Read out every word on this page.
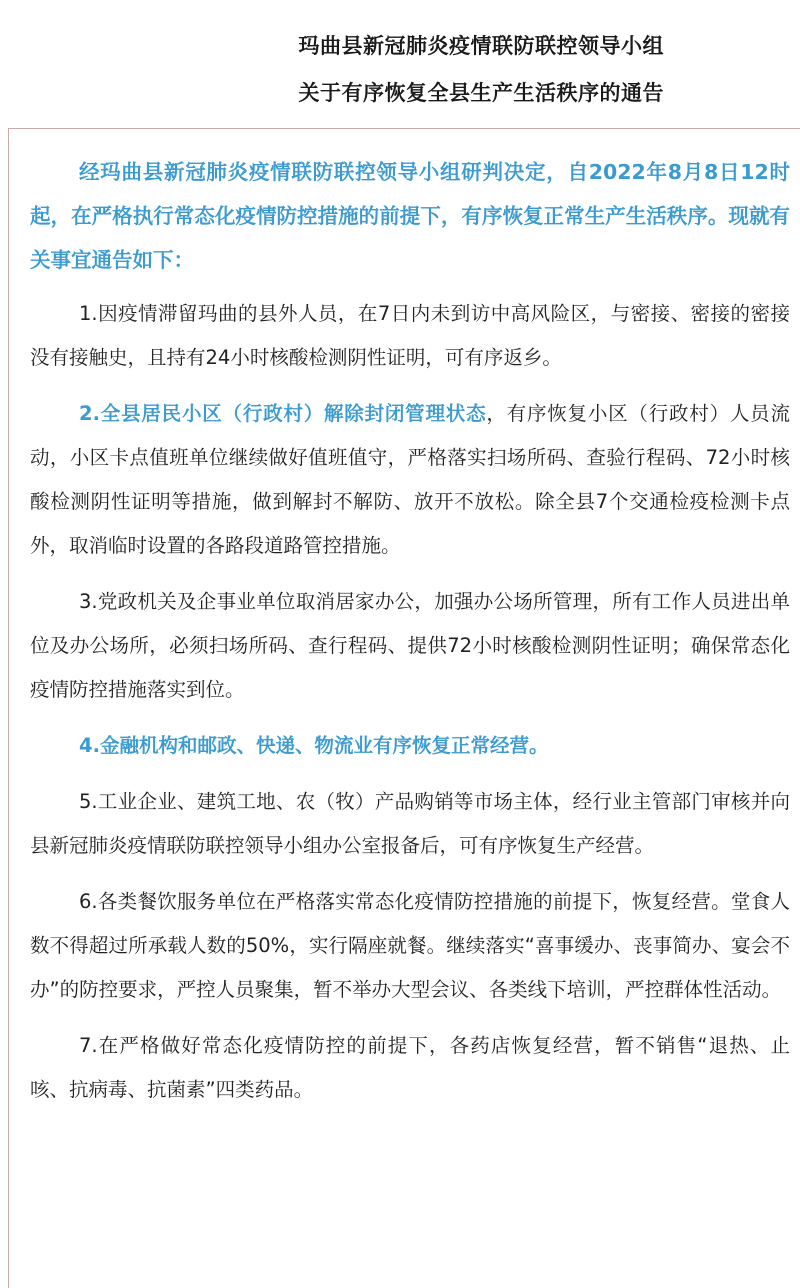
玛曲县新冠肺炎疫情联防联控领导小组
关于有序恢复全县生产生活秩序的通告

经玛曲县新冠肺炎疫情联防联控领导小组研判决定，自2022年8月8日12时起，在严格执行常态化疫情防控措施的前提下，有序恢复正常生产生活秩序。现就有关事宜通告如下：

1.因疫情滞留玛曲的县外人员，在7日内未到访中高风险区，与密接、密接的密接没有接触史，且持有24小时核酸检测阴性证明，可有序返乡。

2.全县居民小区（行政村）解除封闭管理状态，有序恢复小区（行政村）人员流动，小区卡点值班单位继续做好值班值守，严格落实扫场所码、查验行程码、72小时核酸检测阴性证明等措施，做到解封不解防、放开不放松。除全县7个交通检疫检测卡点外，取消临时设置的各路段道路管控措施。

3.党政机关及企事业单位取消居家办公，加强办公场所管理，所有工作人员进出单位及办公场所，必须扫场所码、查行程码、提供72小时核酸检测阴性证明；确保常态化疫情防控措施落实到位。

4.金融机构和邮政、快递、物流业有序恢复正常经营。

5.工业企业、建筑工地、农（牧）产品购销等市场主体，经行业主管部门审核并向县新冠肺炎疫情联防联控领导小组办公室报备后，可有序恢复生产经营。

6.各类餐饮服务单位在严格落实常态化疫情防控措施的前提下，恢复经营。堂食人数不得超过所承载人数的50%，实行隔座就餐。继续落实“喜事缓办、丧事简办、宴会不办”的防控要求，严控人员聚集，暂不举办大型会议、各类线下培训，严控群体性活动。

7.在严格做好常态化疫情防控的前提下，各药店恢复经营，暂不销售“退热、止咳、抗病毒、抗菌素”四类药品。
